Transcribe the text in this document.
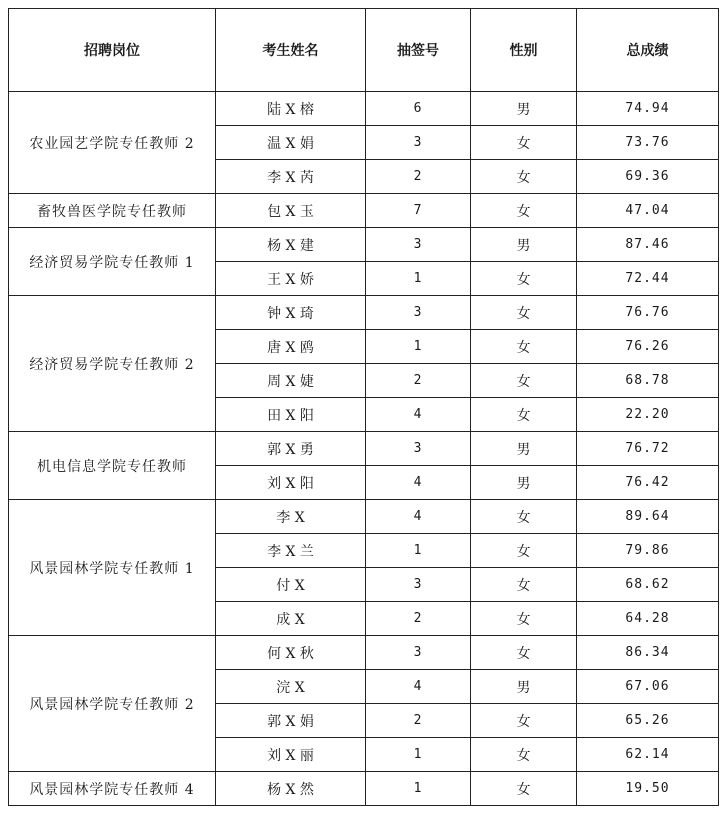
招聘岗位	考生姓名	抽签号	性别	总成绩
农业园艺学院专任教师 2	陆 X 榕	6	男	74.94
	温 X 娟	3	女	73.76
	李 X 芮	2	女	69.36
畜牧兽医学院专任教师	包 X 玉	7	女	47.04
经济贸易学院专任教师 1	杨 X 建	3	男	87.46
	王 X 娇	1	女	72.44
经济贸易学院专任教师 2	钟 X 琦	3	女	76.76
	唐 X 鸥	1	女	76.26
	周 X 婕	2	女	68.78
	田 X 阳	4	女	22.20
机电信息学院专任教师	郭 X 勇	3	男	76.72
	刘 X 阳	4	男	76.42
风景园林学院专任教师 1	李 X	4	女	89.64
	李 X 兰	1	女	79.86
	付 X	3	女	68.62
	成 X	2	女	64.28
风景园林学院专任教师 2	何 X 秋	3	女	86.34
	浣 X	4	男	67.06
	郭 X 娟	2	女	65.26
	刘 X 丽	1	女	62.14
风景园林学院专任教师 4	杨 X 然	1	女	19.50
